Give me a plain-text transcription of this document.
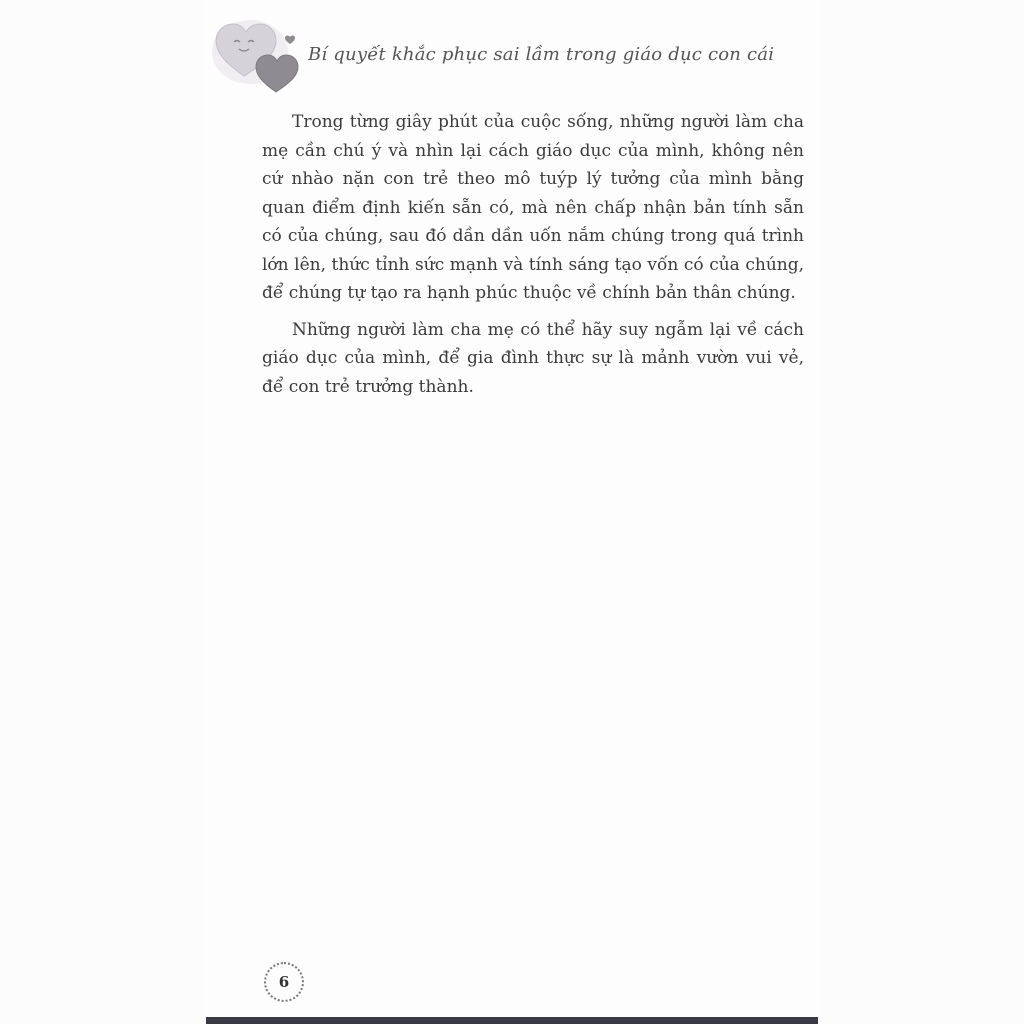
Bí quyết khắc phục sai lầm trong giáo dục con cái

Trong từng giây phút của cuộc sống, những người làm cha mẹ cần chú ý và nhìn lại cách giáo dục của mình, không nên cứ nhào nặn con trẻ theo mô tuýp lý tưởng của mình bằng quan điểm định kiến sẵn có, mà nên chấp nhận bản tính sẵn có của chúng, sau đó dần dần uốn nắm chúng trong quá trình lớn lên, thức tỉnh sức mạnh và tính sáng tạo vốn có của chúng, để chúng tự tạo ra hạnh phúc thuộc về chính bản thân chúng.

Những người làm cha mẹ có thể hãy suy ngẫm lại về cách giáo dục của mình, để gia đình thực sự là mảnh vườn vui vẻ, để con trẻ trưởng thành.

6
